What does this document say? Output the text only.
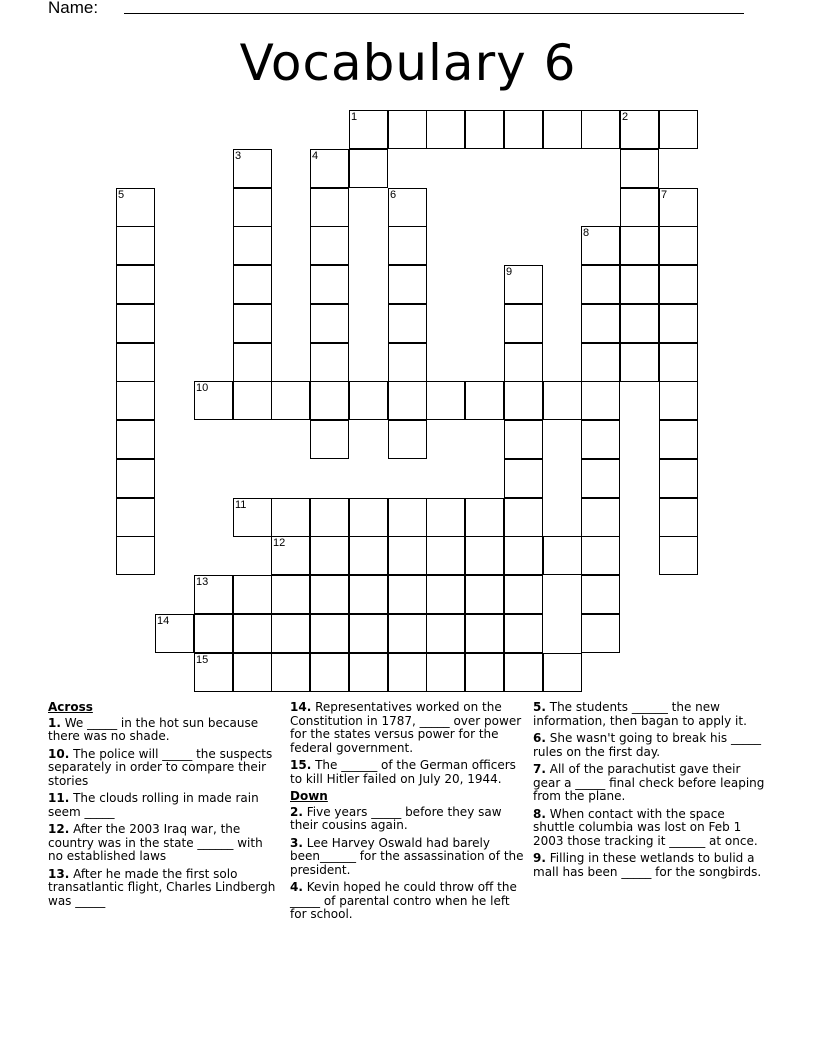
Name:
Vocabulary 6
1	2
3	4
5	6	7
8
9
10
11
12
13
14
15
Across
1. We _____ in the hot sun because there was no shade.
10. The police will _____ the suspects separately in order to compare their stories
11. The clouds rolling in made rain seem _____
12. After the 2003 Iraq war, the country was in the state ______ with no established laws
13. After he made the first solo transatlantic flight, Charles Lindbergh was _____
14. Representatives worked on the Constitution in 1787, _____ over power for the states versus power for the federal government.
15. The ______ of the German officers to kill Hitler failed on July 20, 1944.
Down
2. Five years _____ before they saw their cousins again.
3. Lee Harvey Oswald had barely been______ for the assassination of the president.
4. Kevin hoped he could throw off the _____ of parental contro when he left for school.
5. The students ______ the new information, then bagan to apply it.
6. She wasn't going to break his _____ rules on the first day.
7. All of the parachutist gave their gear a _____ final check before leaping from the plane.
8. When contact with the space shuttle columbia was lost on Feb 1 2003 those tracking it ______ at once.
9. Filling in these wetlands to bulid a mall has been _____ for the songbirds.
